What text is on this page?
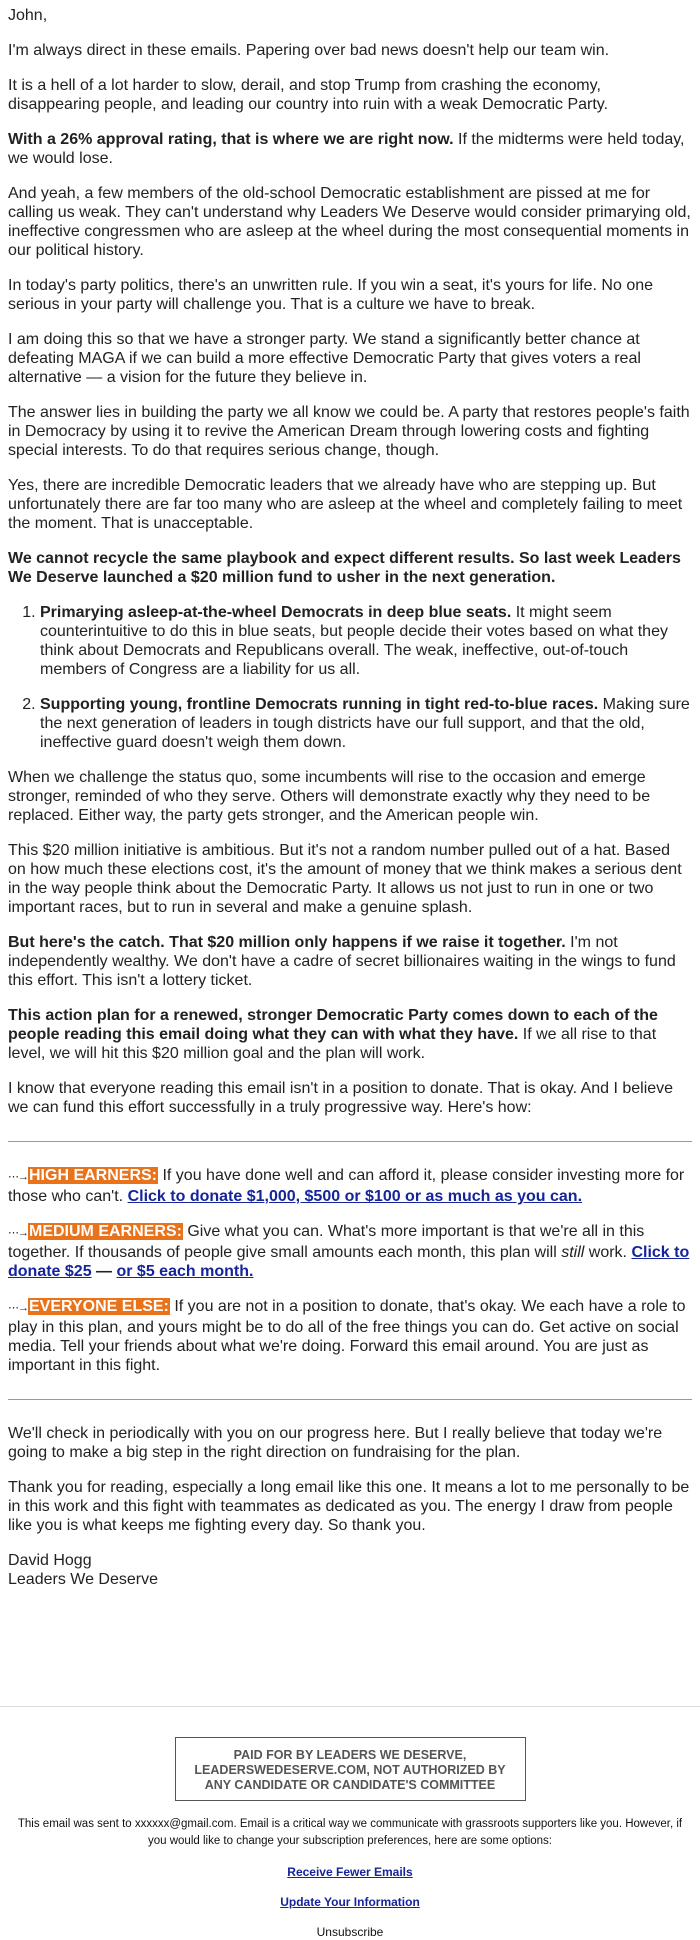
John,

I'm always direct in these emails. Papering over bad news doesn't help our team win.

It is a hell of a lot harder to slow, derail, and stop Trump from crashing the economy, disappearing people, and leading our country into ruin with a weak Democratic Party.

With a 26% approval rating, that is where we are right now. If the midterms were held today, we would lose.

And yeah, a few members of the old-school Democratic establishment are pissed at me for calling us weak. They can't understand why Leaders We Deserve would consider primarying old, ineffective congressmen who are asleep at the wheel during the most consequential moments in our political history.

In today's party politics, there's an unwritten rule. If you win a seat, it's yours for life. No one serious in your party will challenge you. That is a culture we have to break.

I am doing this so that we have a stronger party. We stand a significantly better chance at defeating MAGA if we can build a more effective Democratic Party that gives voters a real alternative — a vision for the future they believe in.

The answer lies in building the party we all know we could be. A party that restores people's faith in Democracy by using it to revive the American Dream through lowering costs and fighting special interests. To do that requires serious change, though.

Yes, there are incredible Democratic leaders that we already have who are stepping up. But unfortunately there are far too many who are asleep at the wheel and completely failing to meet the moment. That is unacceptable.

We cannot recycle the same playbook and expect different results. So last week Leaders We Deserve launched a $20 million fund to usher in the next generation.

1. Primarying asleep-at-the-wheel Democrats in deep blue seats. It might seem counterintuitive to do this in blue seats, but people decide their votes based on what they think about Democrats and Republicans overall. The weak, ineffective, out-of-touch members of Congress are a liability for us all.
2. Supporting young, frontline Democrats running in tight red-to-blue races. Making sure the next generation of leaders in tough districts have our full support, and that the old, ineffective guard doesn't weigh them down.

When we challenge the status quo, some incumbents will rise to the occasion and emerge stronger, reminded of who they serve. Others will demonstrate exactly why they need to be replaced. Either way, the party gets stronger, and the American people win.

This $20 million initiative is ambitious. But it's not a random number pulled out of a hat. Based on how much these elections cost, it's the amount of money that we think makes a serious dent in the way people think about the Democratic Party. It allows us not just to run in one or two important races, but to run in several and make a genuine splash.

But here's the catch. That $20 million only happens if we raise it together. I'm not independently wealthy. We don't have a cadre of secret billionaires waiting in the wings to fund this effort. This isn't a lottery ticket.

This action plan for a renewed, stronger Democratic Party comes down to each of the people reading this email doing what they can with what they have. If we all rise to that level, we will hit this $20 million goal and the plan will work.

I know that everyone reading this email isn't in a position to donate. That is okay. And I believe we can fund this effort successfully in a truly progressive way. Here's how:

⋯→HIGH EARNERS: If you have done well and can afford it, please consider investing more for those who can't. Click to donate $1,000, $500 or $100 or as much as you can.

⋯→MEDIUM EARNERS: Give what you can. What's more important is that we're all in this together. If thousands of people give small amounts each month, this plan will still work. Click to donate $25 — or $5 each month.

⋯→EVERYONE ELSE: If you are not in a position to donate, that's okay. We each have a role to play in this plan, and yours might be to do all of the free things you can do. Get active on social media. Tell your friends about what we're doing. Forward this email around. You are just as important in this fight.

We'll check in periodically with you on our progress here. But I really believe that today we're going to make a big step in the right direction on fundraising for the plan.

Thank you for reading, especially a long email like this one. It means a lot to me personally to be in this work and this fight with teammates as dedicated as you. The energy I draw from people like you is what keeps me fighting every day. So thank you.

David Hogg
Leaders We Deserve

PAID FOR BY LEADERS WE DESERVE, LEADERSWEDESERVE.COM, NOT AUTHORIZED BY ANY CANDIDATE OR CANDIDATE'S COMMITTEE
This email was sent to xxxxxx@gmail.com. Email is a critical way we communicate with grassroots supporters like you. However, if you would like to change your subscription preferences, here are some options:
Receive Fewer Emails
Update Your Information
Unsubscribe
